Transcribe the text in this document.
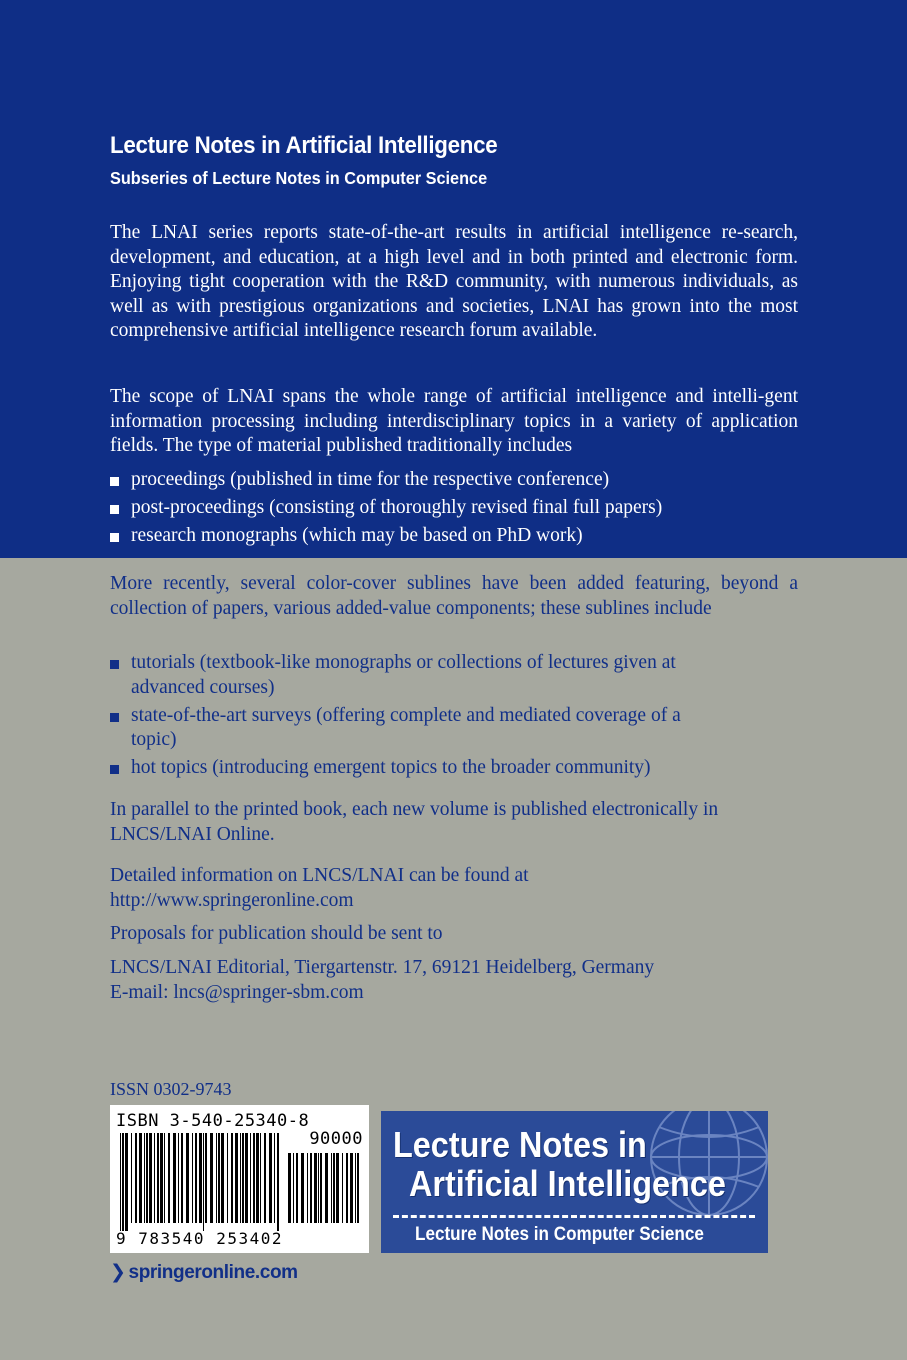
Lecture Notes in Artificial Intelligence
Subseries of Lecture Notes in Computer Science
The LNAI series reports state-of-the-art results in artificial intelligence re-search, development, and education, at a high level and in both printed and electronic form. Enjoying tight cooperation with the R&D community, with numerous individuals, as well as with prestigious organizations and societies, LNAI has grown into the most comprehensive artificial intelligence research forum available.
The scope of LNAI spans the whole range of artificial intelligence and intelli-gent information processing including interdisciplinary topics in a variety of application fields. The type of material published traditionally includes
proceedings (published in time for the respective conference)
post-proceedings (consisting of thoroughly revised final full papers)
research monographs (which may be based on PhD work)
More recently, several color-cover sublines have been added featuring, beyond a collection of papers, various added-value components; these sublines include
tutorials (textbook-like monographs or collections of lectures given at advanced courses)
state-of-the-art surveys (offering complete and mediated coverage of a topic)
hot topics (introducing emergent topics to the broader community)
In parallel to the printed book, each new volume is published electronically in LNCS/LNAI Online.
Detailed information on LNCS/LNAI can be found at
http://www.springeronline.com
Proposals for publication should be sent to
LNCS/LNAI Editorial, Tiergartenstr. 17, 69121 Heidelberg, Germany
E-mail: lncs@springer-sbm.com
ISSN 0302-9743
ISBN 3-540-25340-8
90000
9 783540 253402
Lecture Notes in
Artificial Intelligence
Lecture Notes in Computer Science
❯ springeronline.com
